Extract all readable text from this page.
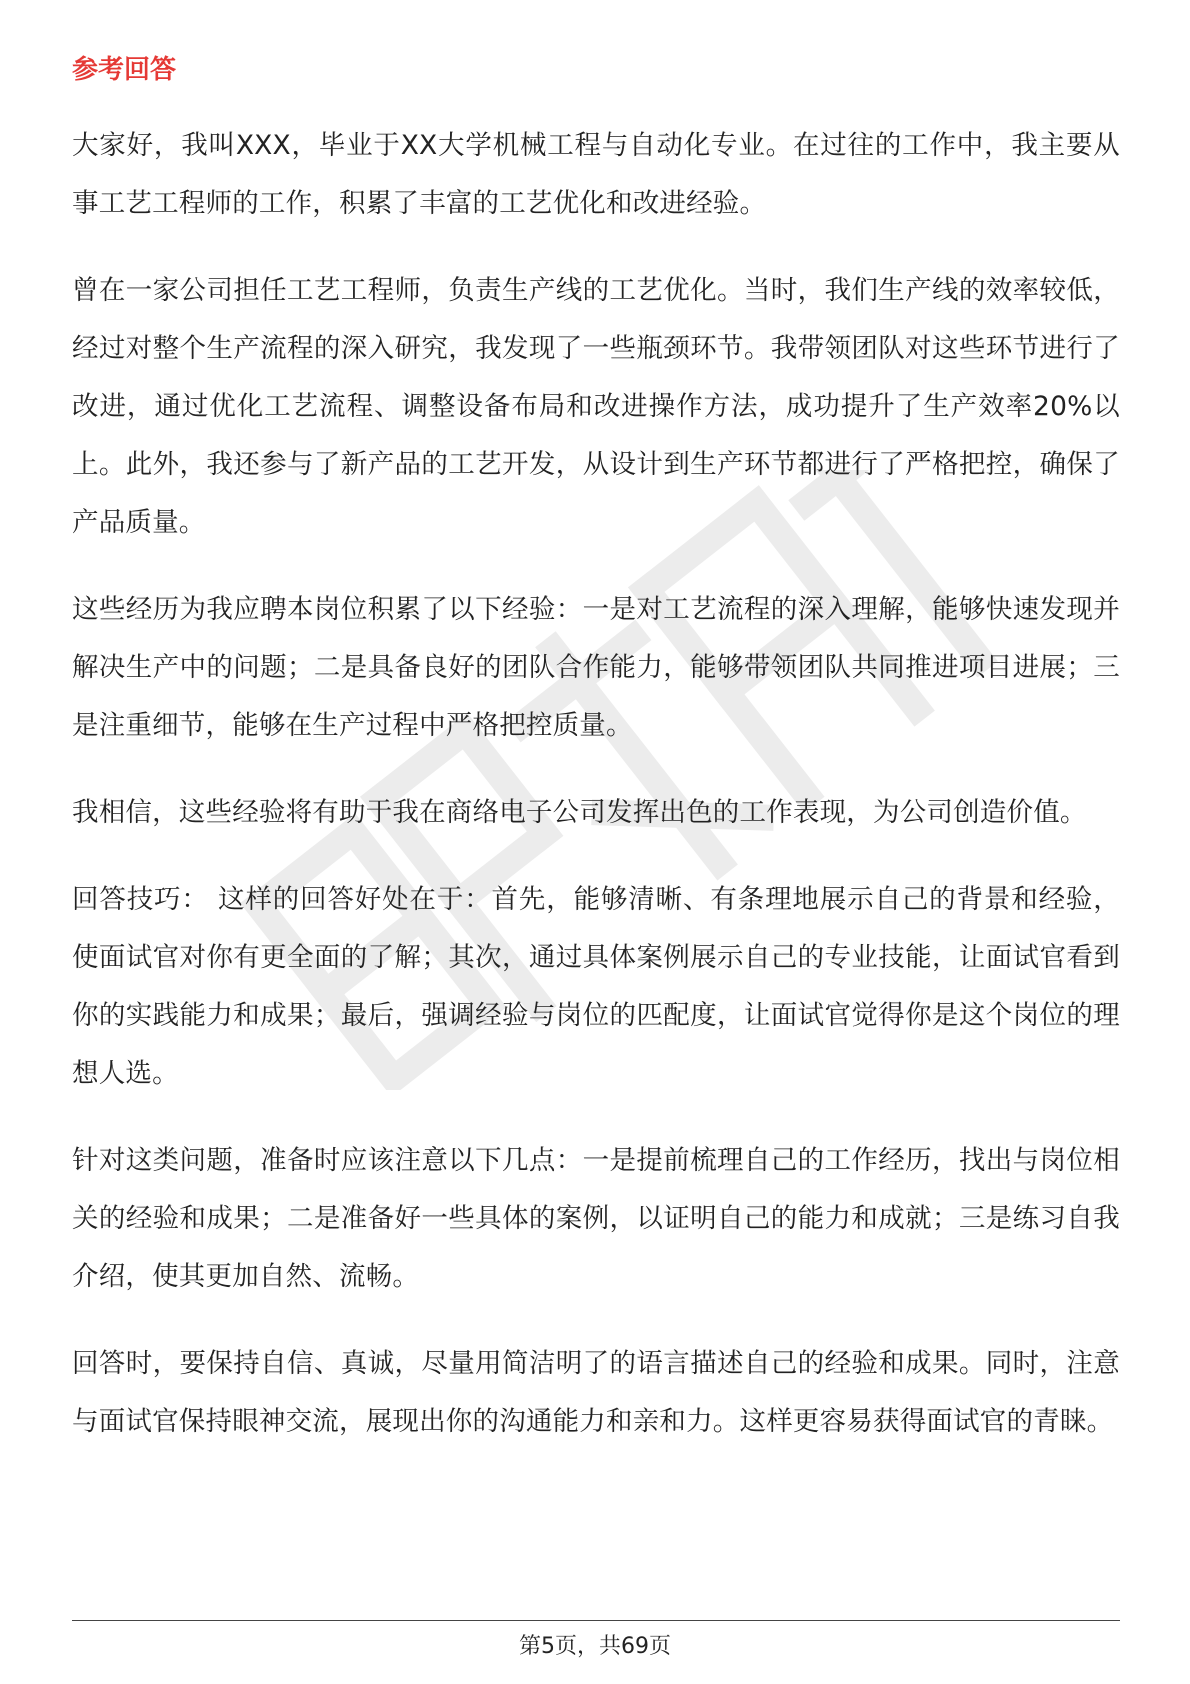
参考回答

大家好，我叫XXX，毕业于XX大学机械工程与自动化专业。在过往的工作中，我主要从事工艺工程师的工作，积累了丰富的工艺优化和改进经验。

曾在一家公司担任工艺工程师，负责生产线的工艺优化。当时，我们生产线的效率较低，经过对整个生产流程的深入研究，我发现了一些瓶颈环节。我带领团队对这些环节进行了改进，通过优化工艺流程、调整设备布局和改进操作方法，成功提升了生产效率20%以上。此外，我还参与了新产品的工艺开发，从设计到生产环节都进行了严格把控，确保了产品质量。

这些经历为我应聘本岗位积累了以下经验：一是对工艺流程的深入理解，能够快速发现并解决生产中的问题；二是具备良好的团队合作能力，能够带领团队共同推进项目进展；三是注重细节，能够在生产过程中严格把控质量。

我相信，这些经验将有助于我在商络电子公司发挥出色的工作表现，为公司创造价值。

回答技巧： 这样的回答好处在于：首先，能够清晰、有条理地展示自己的背景和经验，使面试官对你有更全面的了解；其次，通过具体案例展示自己的专业技能，让面试官看到你的实践能力和成果；最后，强调经验与岗位的匹配度，让面试官觉得你是这个岗位的理想人选。

针对这类问题，准备时应该注意以下几点：一是提前梳理自己的工作经历，找出与岗位相关的经验和成果；二是准备好一些具体的案例，以证明自己的能力和成就；三是练习自我介绍，使其更加自然、流畅。

回答时，要保持自信、真诚，尽量用简洁明了的语言描述自己的经验和成果。同时，注意与面试官保持眼神交流，展现出你的沟通能力和亲和力。这样更容易获得面试官的青睐。

第5页，共69页
